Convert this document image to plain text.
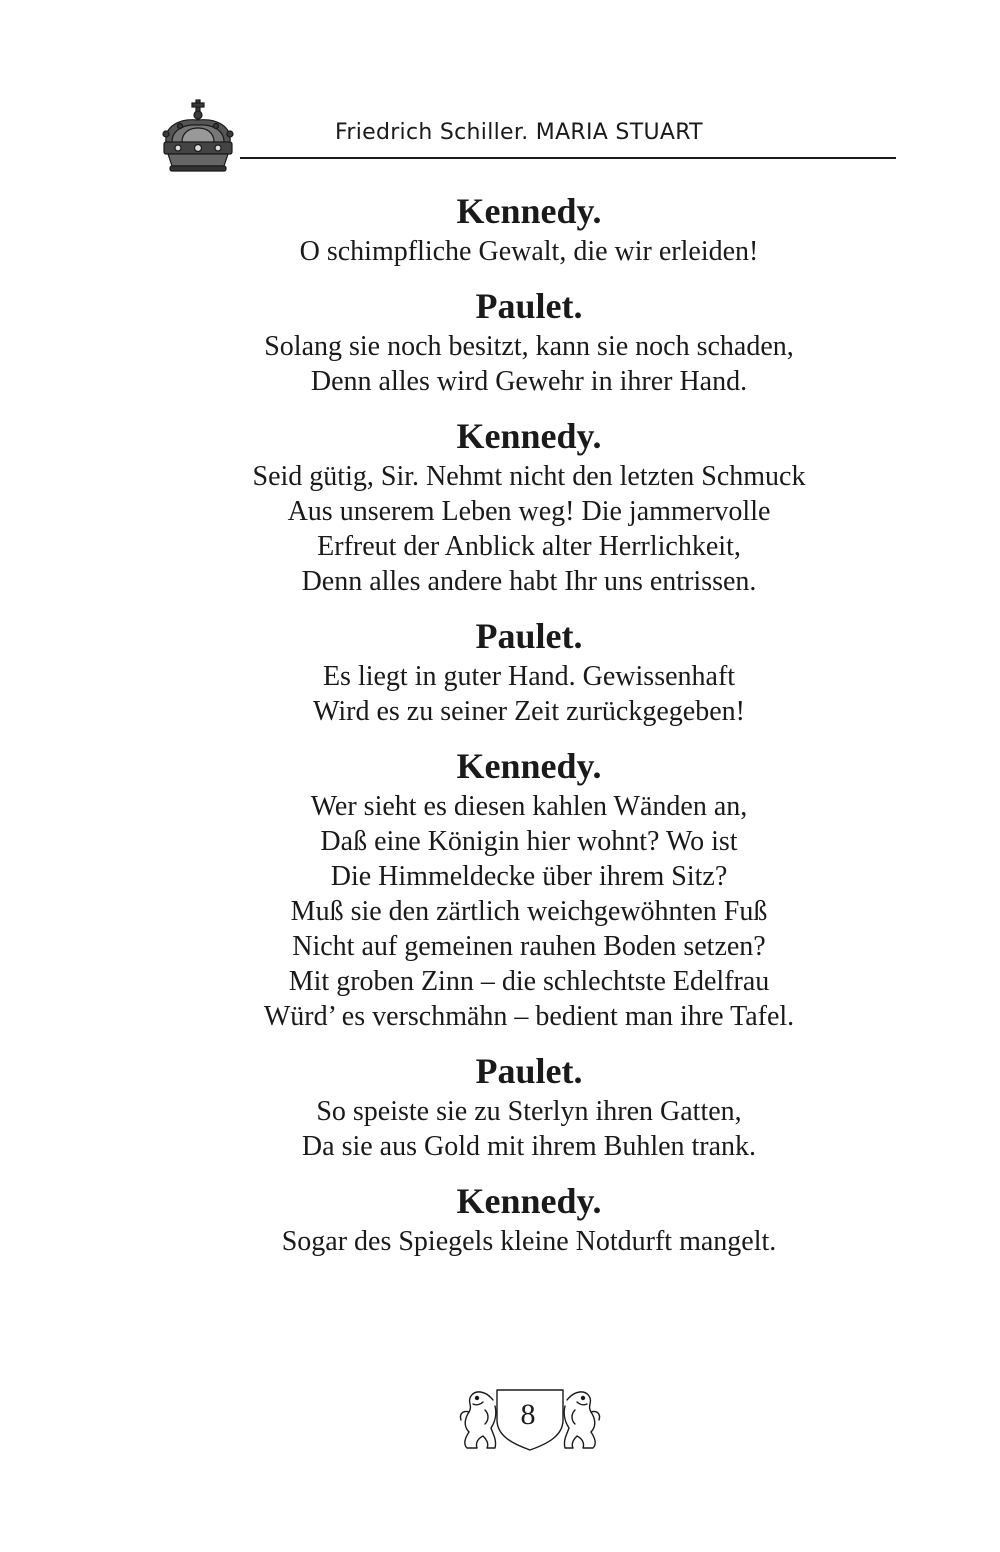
Friedrich Schiller. MARIA STUART

Kennedy.

O schimpfliche Gewalt, die wir erleiden!

Paulet.

Solang sie noch besitzt, kann sie noch schaden,

Denn alles wird Gewehr in ihrer Hand.

Kennedy.

Seid gütig, Sir. Nehmt nicht den letzten Schmuck

Aus unserem Leben weg! Die jammervolle

Erfreut der Anblick alter Herrlichkeit,

Denn alles andere habt Ihr uns entrissen.

Paulet.

Es liegt in guter Hand. Gewissenhaft

Wird es zu seiner Zeit zurückgegeben!

Kennedy.

Wer sieht es diesen kahlen Wänden an,

Daß eine Königin hier wohnt? Wo ist

Die Himmeldecke über ihrem Sitz?

Muß sie den zärtlich weichgewöhnten Fuß

Nicht auf gemeinen rauhen Boden setzen?

Mit groben Zinn – die schlechtste Edelfrau

Würd’ es verschmähn – bedient man ihre Tafel.

Paulet.

So speiste sie zu Sterlyn ihren Gatten,

Da sie aus Gold mit ihrem Buhlen trank.

Kennedy.

Sogar des Spiegels kleine Notdurft mangelt.

8
